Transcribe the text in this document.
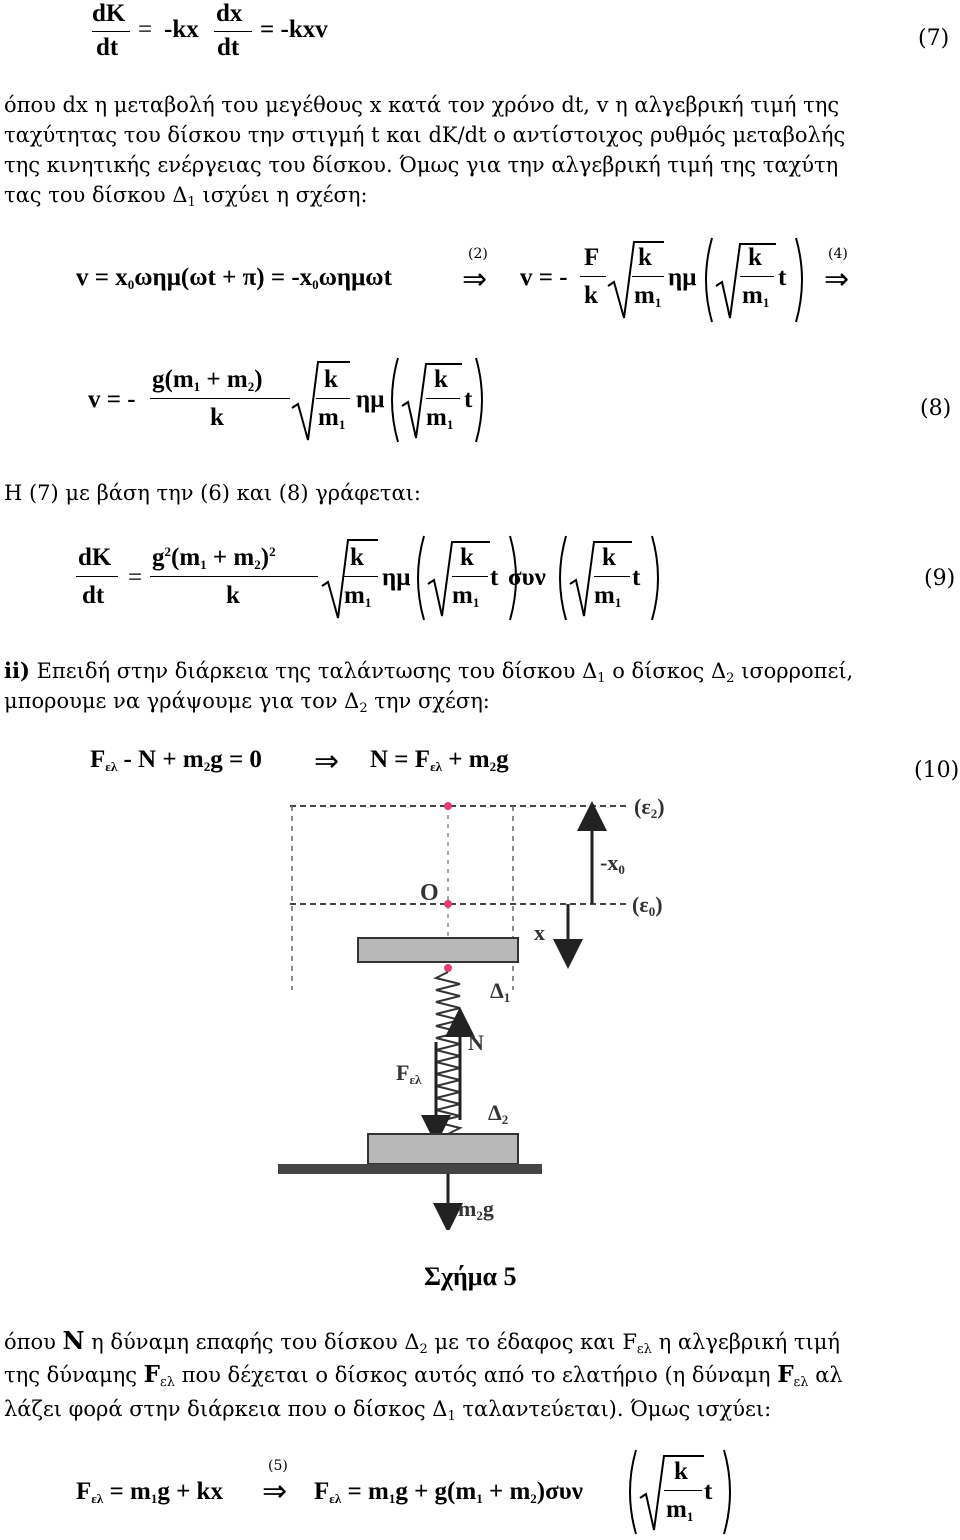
dK
dt
= -kx
dx
dt
= -kxv	(7)
όπου dx η μεταβολή του μεγέθους x κατά τον χρόνο dt, v η αλγεβρική τιμή της
ταχύτητας του δίσκου την στιγμή t και dK/dt ο αντίστοιχος ρυθμός μεταβολής
της κινητικής ενέργειας του δίσκου. Όμως για την αλγεβρική τιμή της ταχύτη
τας του δίσκου $\Delta_1$ ισχύει η σχέση:
$v = x_0\omega\eta\mu(\omega t + \pi) = -x_0\omega\eta\mu\omega t$
(2)
⇒ v = -
F
k
k
$m_1$
ημ
k
$m_1$
t
(4)
⇒
v = -
$g(m_1 + m_2)$
k
k
$m_1$
ημ
k
$m_1$
t	(8)
Η (7) με βάση την (6) και (8) γράφεται:
dK
dt
=
$g^2(m_1 + m_2)^2$
k
k
$m_1$
ημ
k
$m_1$
t συν
k
$m_1$
t	(9)
ii) Επειδή στην διάρκεια της ταλάντωσης του δίσκου $\Delta_1$ ο δίσκος $\Delta_2$ ισορροπεί,
μπορουμε να γράψουμε για τον $\Delta_2$ την σχέση:
$F_{\varepsilon\lambda} - N + m_2g = 0$ ⇒ $N = F_{\varepsilon\lambda} + m_2g$	(10)
$(\varepsilon_2)$
$(\varepsilon_0)$
$-x_0$
x
O
$\Delta_1$
N
$F_{\varepsilon\lambda}$
$\Delta_2$
$m_2g$
Σχήμα 5
όπου N η δύναμη επαφής του δίσκου $\Delta_2$ με το έδαφος και $F_{\varepsilon\lambda}$ η αλγεβρική τιμή
της δύναμης $F_{\varepsilon\lambda}$ που δέχεται ο δίσκος αυτός από το ελατήριο (η δύναμη $F_{\varepsilon\lambda}$ αλ
λάζει φορά στην διάρκεια που ο δίσκος $\Delta_1$ ταλαντεύεται). Όμως ισχύει:
$F_{\varepsilon\lambda} = m_1g$ + kx
(5)
⇒ $F_{\varepsilon\lambda} = m_1g + g(m_1 + m_2)\sigma\upsilon\nu$
k
$m_1$
t
